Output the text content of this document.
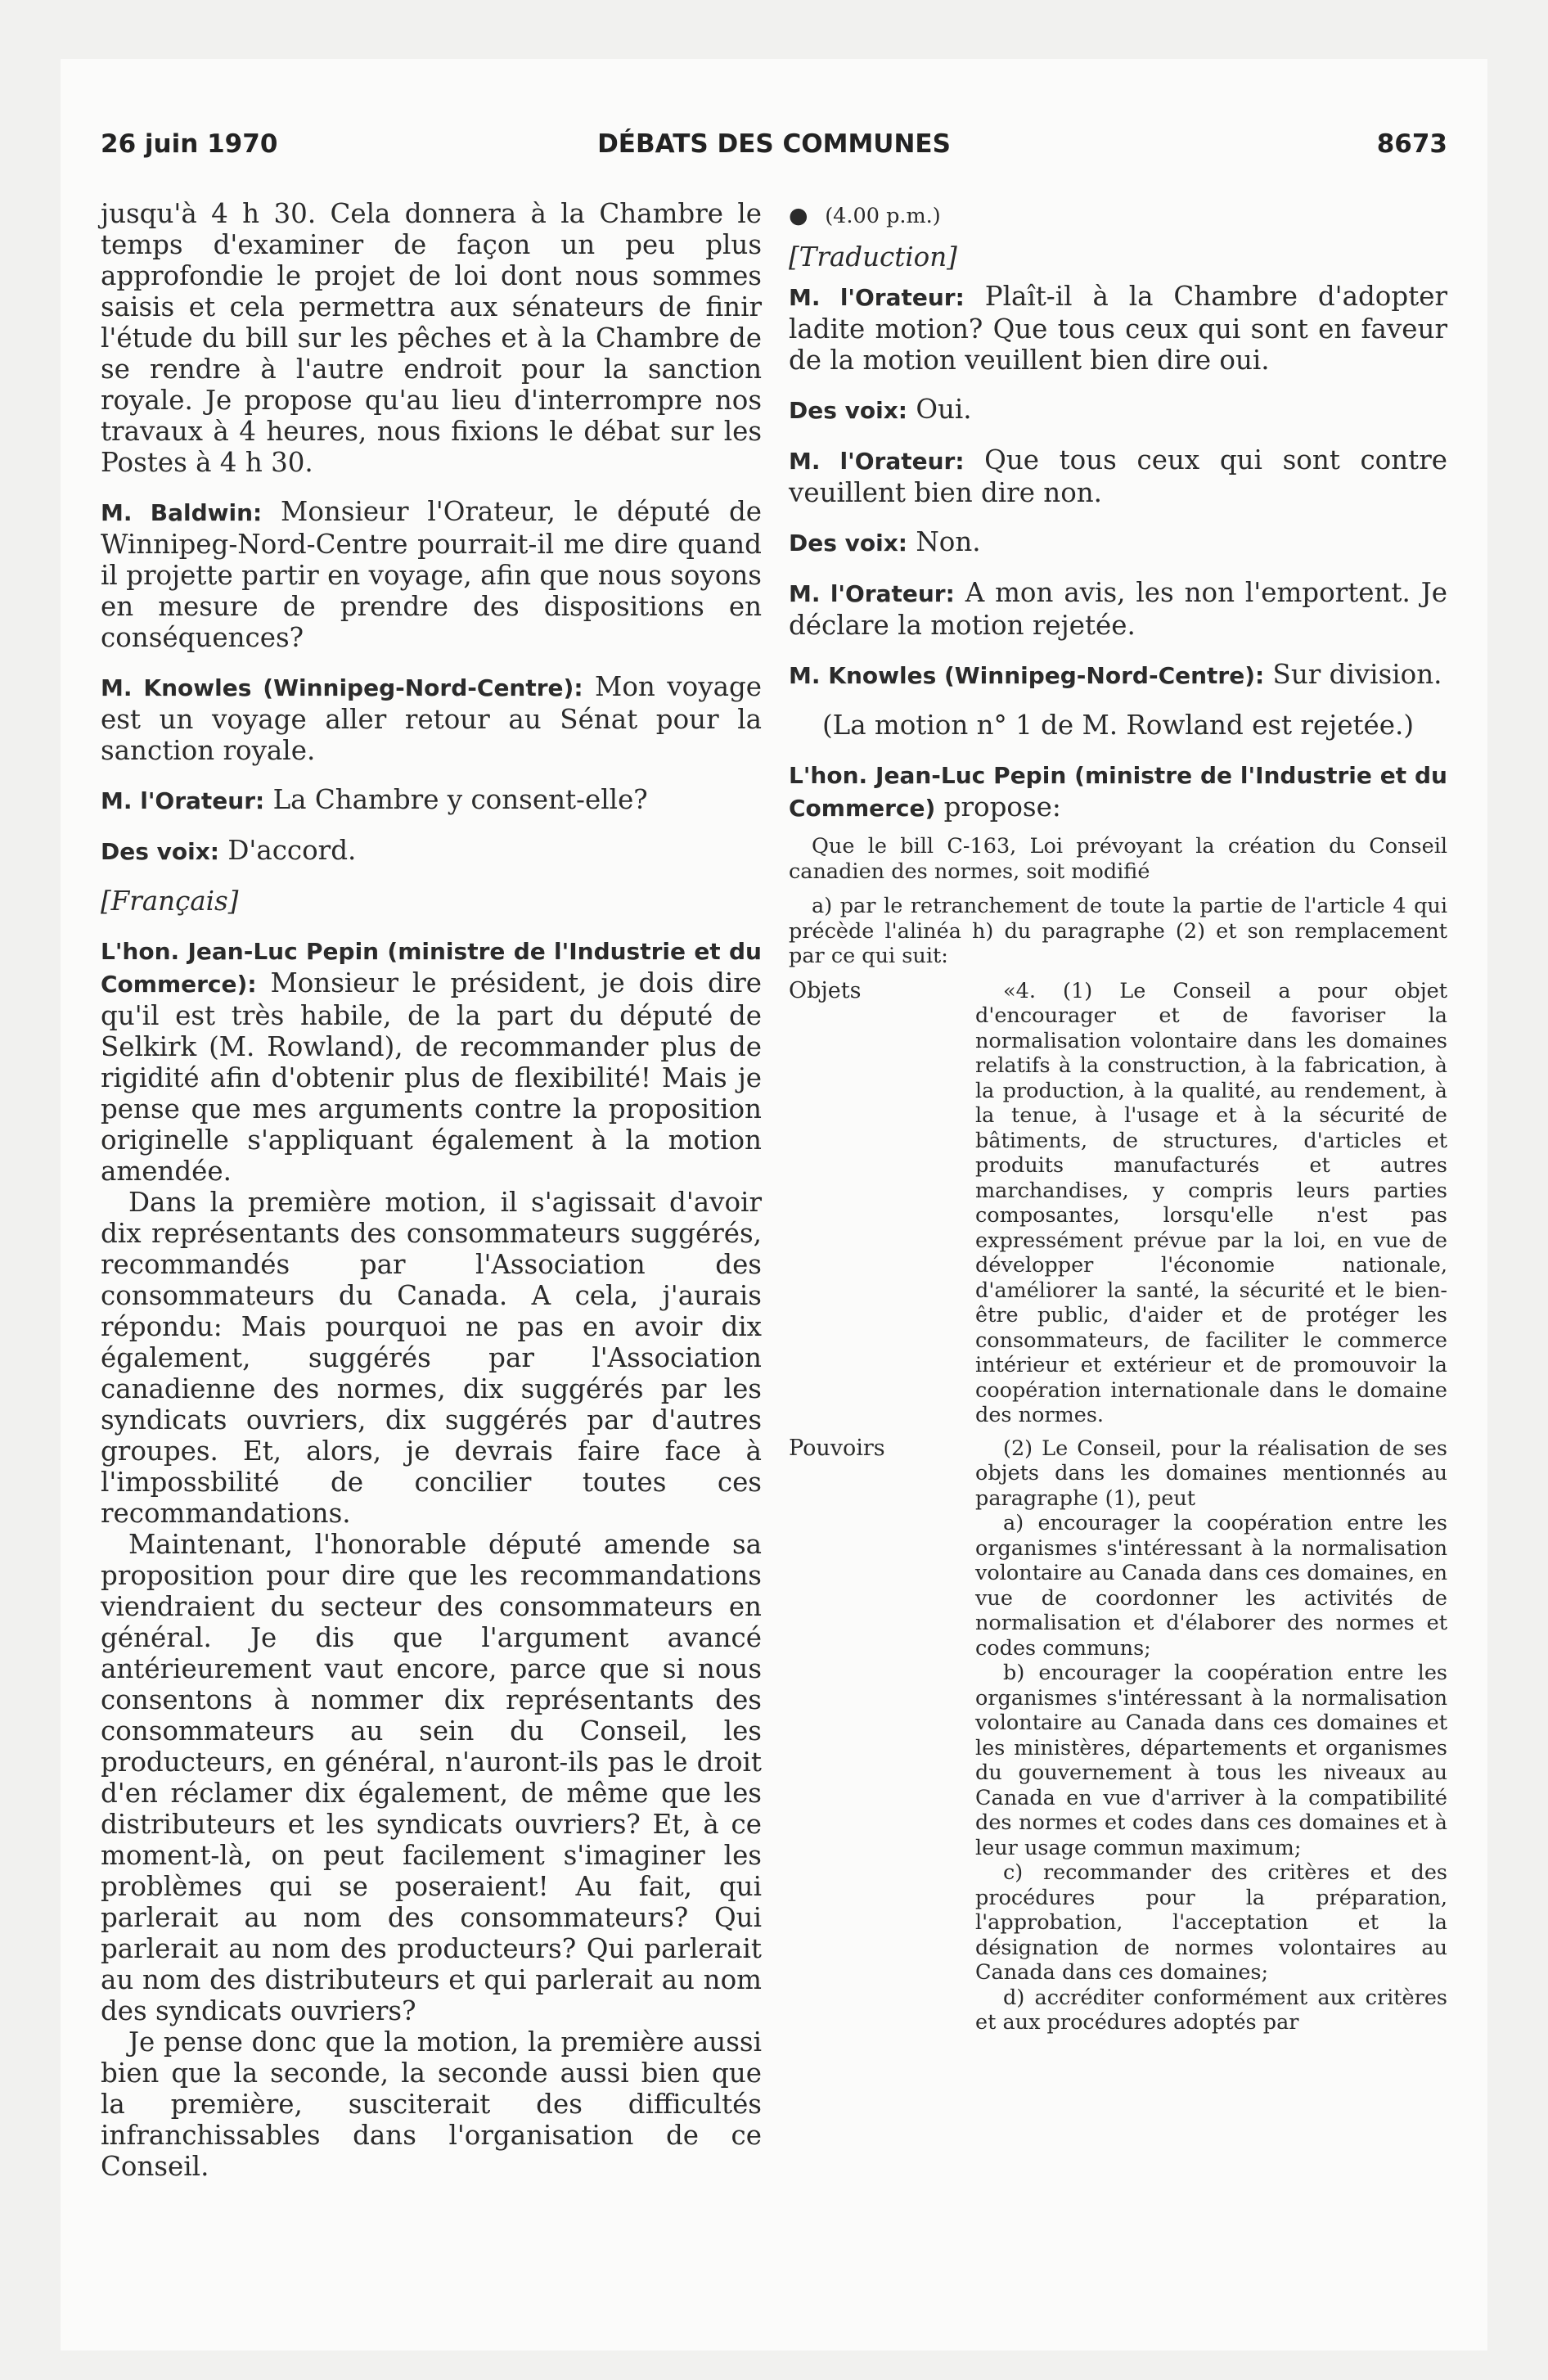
26 juin 1970	DÉBATS DES COMMUNES	8673

jusqu'à 4 h 30. Cela donnera à la Chambre le temps d'examiner de façon un peu plus approfondie le projet de loi dont nous sommes saisis et cela permettra aux sénateurs de finir l'étude du bill sur les pêches et à la Chambre de se rendre à l'autre endroit pour la sanction royale. Je propose qu'au lieu d'interrompre nos travaux à 4 heures, nous fixions le débat sur les Postes à 4 h 30.

M. Baldwin: Monsieur l'Orateur, le député de Winnipeg-Nord-Centre pourrait-il me dire quand il projette partir en voyage, afin que nous soyons en mesure de prendre des dispositions en conséquences?

M. Knowles (Winnipeg-Nord-Centre): Mon voyage est un voyage aller retour au Sénat pour la sanction royale.

M. l'Orateur: La Chambre y consent-elle?

Des voix: D'accord.

[Français]

L'hon. Jean-Luc Pepin (ministre de l'Industrie et du Commerce): Monsieur le président, je dois dire qu'il est très habile, de la part du député de Selkirk (M. Rowland), de recommander plus de rigidité afin d'obtenir plus de flexibilité! Mais je pense que mes arguments contre la proposition originelle s'appliquant également à la motion amendée.

Dans la première motion, il s'agissait d'avoir dix représentants des consommateurs suggérés, recommandés par l'Association des consommateurs du Canada. A cela, j'aurais répondu: Mais pourquoi ne pas en avoir dix également, suggérés par l'Association canadienne des normes, dix suggérés par les syndicats ouvriers, dix suggérés par d'autres groupes. Et, alors, je devrais faire face à l'impossbilité de concilier toutes ces recommandations.

Maintenant, l'honorable député amende sa proposition pour dire que les recommandations viendraient du secteur des consommateurs en général. Je dis que l'argument avancé antérieurement vaut encore, parce que si nous consentons à nommer dix représentants des consommateurs au sein du Conseil, les producteurs, en général, n'auront-ils pas le droit d'en réclamer dix également, de même que les distributeurs et les syndicats ouvriers? Et, à ce moment-là, on peut facilement s'imaginer les problèmes qui se poseraient! Au fait, qui parlerait au nom des consommateurs? Qui parlerait au nom des producteurs? Qui parlerait au nom des distributeurs et qui parlerait au nom des syndicats ouvriers?

Je pense donc que la motion, la première aussi bien que la seconde, la seconde aussi bien que la première, susciterait des difficultés infranchissables dans l'organisation de ce Conseil.

● (4.00 p.m.)

[Traduction]

M. l'Orateur: Plaît-il à la Chambre d'adopter ladite motion? Que tous ceux qui sont en faveur de la motion veuillent bien dire oui.

Des voix: Oui.

M. l'Orateur: Que tous ceux qui sont contre veuillent bien dire non.

Des voix: Non.

M. l'Orateur: A mon avis, les non l'emportent. Je déclare la motion rejetée.

M. Knowles (Winnipeg-Nord-Centre): Sur division.

(La motion n° 1 de M. Rowland est rejetée.)

L'hon. Jean-Luc Pepin (ministre de l'Industrie et du Commerce) propose:

Que le bill C-163, Loi prévoyant la création du Conseil canadien des normes, soit modifié

a) par le retranchement de toute la partie de l'article 4 qui précède l'alinéa h) du paragraphe (2) et son remplacement par ce qui suit:

Objets	«4. (1) Le Conseil a pour objet d'encourager et de favoriser la normalisation volontaire dans les domaines relatifs à la construction, à la fabrication, à la production, à la qualité, au rendement, à la tenue, à l'usage et à la sécurité de bâtiments, de structures, d'articles et produits manufacturés et autres marchandises, y compris leurs parties composantes, lorsqu'elle n'est pas expressément prévue par la loi, en vue de développer l'économie nationale, d'améliorer la santé, la sécurité et le bien-être public, d'aider et de protéger les consommateurs, de faciliter le commerce intérieur et extérieur et de promouvoir la coopération internationale dans le domaine des normes.

Pouvoirs	(2) Le Conseil, pour la réalisation de ses objets dans les domaines mentionnés au paragraphe (1), peut

a) encourager la coopération entre les organismes s'intéressant à la normalisation volontaire au Canada dans ces domaines, en vue de coordonner les activités de normalisation et d'élaborer des normes et codes communs;

b) encourager la coopération entre les organismes s'intéressant à la normalisation volontaire au Canada dans ces domaines et les ministères, départements et organismes du gouvernement à tous les niveaux au Canada en vue d'arriver à la compatibilité des normes et codes dans ces domaines et à leur usage commun maximum;

c) recommander des critères et des procédures pour la préparation, l'approbation, l'acceptation et la désignation de normes volontaires au Canada dans ces domaines;

d) accréditer conformément aux critères et aux procédures adoptés par
